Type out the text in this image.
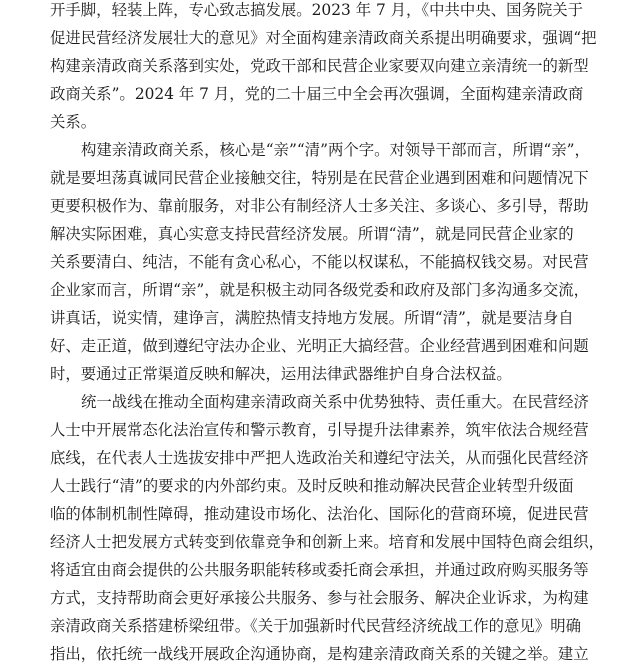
开手脚，轻装上阵，专心致志搞发展。2023 年 7 月，《中共中央、国务院关于
促进民营经济发展壮大的意见》对全面构建亲清政商关系提出明确要求，强调“把
构建亲清政商关系落到实处，党政干部和民营企业家要双向建立亲清统一的新型
政商关系”。2024 年 7 月，党的二十届三中全会再次强调，全面构建亲清政商
关系。
构建亲清政商关系，核心是“亲”“清”两个字。对领导干部而言，所谓“亲”，
就是要坦荡真诚同民营企业接触交往，特别是在民营企业遇到困难和问题情况下
更要积极作为、靠前服务，对非公有制经济人士多关注、多谈心、多引导，帮助
解决实际困难，真心实意支持民营经济发展。所谓“清”，就是同民营企业家的
关系要清白、纯洁，不能有贪心私心，不能以权谋私，不能搞权钱交易。对民营
企业家而言，所谓“亲”，就是积极主动同各级党委和政府及部门多沟通多交流，
讲真话，说实情，建诤言，满腔热情支持地方发展。所谓“清”，就是要洁身自
好、走正道，做到遵纪守法办企业、光明正大搞经营。企业经营遇到困难和问题
时，要通过正常渠道反映和解决，运用法律武器维护自身合法权益。
统一战线在推动全面构建亲清政商关系中优势独特、责任重大。在民营经济
人士中开展常态化法治宣传和警示教育，引导提升法律素养，筑牢依法合规经营
底线，在代表人士选拔安排中严把人选政治关和遵纪守法关，从而强化民营经济
人士践行“清”的要求的内外部约束。及时反映和推动解决民营企业转型升级面
临的体制机制性障碍，推动建设市场化、法治化、国际化的营商环境，促进民营
经济人士把发展方式转变到依靠竞争和创新上来。培育和发展中国特色商会组织，
将适宜由商会提供的公共服务职能转移或委托商会承担，并通过政府购买服务等
方式，支持帮助商会更好承接公共服务、参与社会服务、解决企业诉求，为构建
亲清政商关系搭建桥梁纽带。《关于加强新时代民营经济统战工作的意见》明确
指出，依托统一战线开展政企沟通协商，是构建亲清政商关系的关键之举。建立
